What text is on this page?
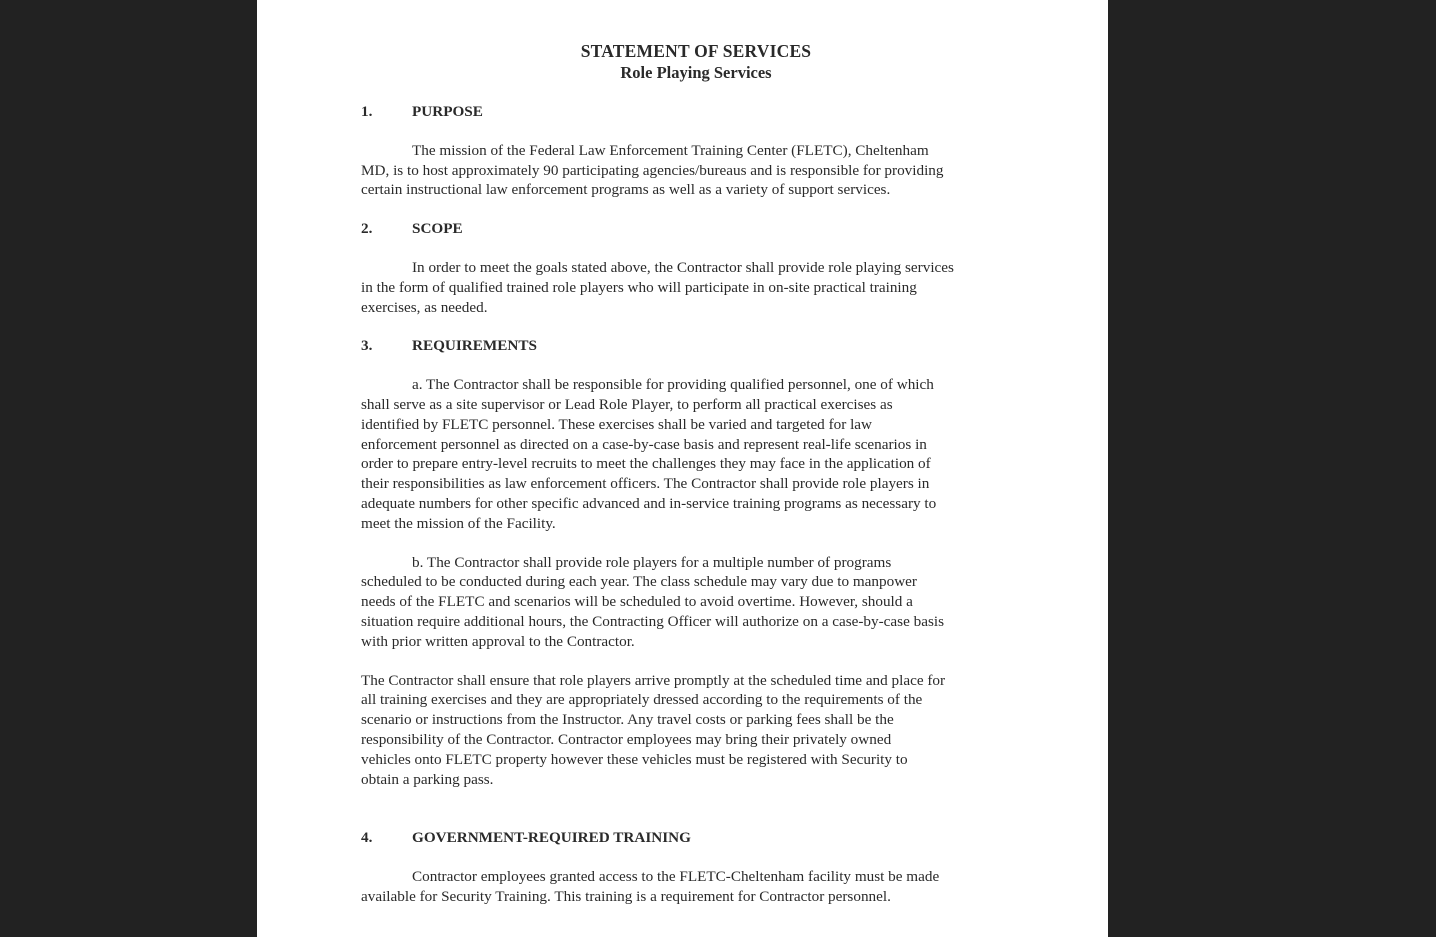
STATEMENT OF SERVICES
Role Playing Services
1.	PURPOSE
The mission of the Federal Law Enforcement Training Center (FLETC), Cheltenham
MD, is to host approximately 90 participating agencies/bureaus and is responsible for providing
certain instructional law enforcement programs as well as a variety of support services.
2.	SCOPE
In order to meet the goals stated above, the Contractor shall provide role playing services
in the form of qualified trained role players who will participate in on-site practical training
exercises, as needed.
3.	REQUIREMENTS
a. The Contractor shall be responsible for providing qualified personnel, one of which
shall serve as a site supervisor or Lead Role Player, to perform all practical exercises as
identified by FLETC personnel. These exercises shall be varied and targeted for law
enforcement personnel as directed on a case-by-case basis and represent real-life scenarios in
order to prepare entry-level recruits to meet the challenges they may face in the application of
their responsibilities as law enforcement officers. The Contractor shall provide role players in
adequate numbers for other specific advanced and in-service training programs as necessary to
meet the mission of the Facility.
b. The Contractor shall provide role players for a multiple number of programs
scheduled to be conducted during each year. The class schedule may vary due to manpower
needs of the FLETC and scenarios will be scheduled to avoid overtime. However, should a
situation require additional hours, the Contracting Officer will authorize on a case-by-case basis
with prior written approval to the Contractor.
The Contractor shall ensure that role players arrive promptly at the scheduled time and place for
all training exercises and they are appropriately dressed according to the requirements of the
scenario or instructions from the Instructor. Any travel costs or parking fees shall be the
responsibility of the Contractor. Contractor employees may bring their privately owned
vehicles onto FLETC property however these vehicles must be registered with Security to
obtain a parking pass.
4.	GOVERNMENT-REQUIRED TRAINING
Contractor employees granted access to the FLETC-Cheltenham facility must be made
available for Security Training. This training is a requirement for Contractor personnel.
